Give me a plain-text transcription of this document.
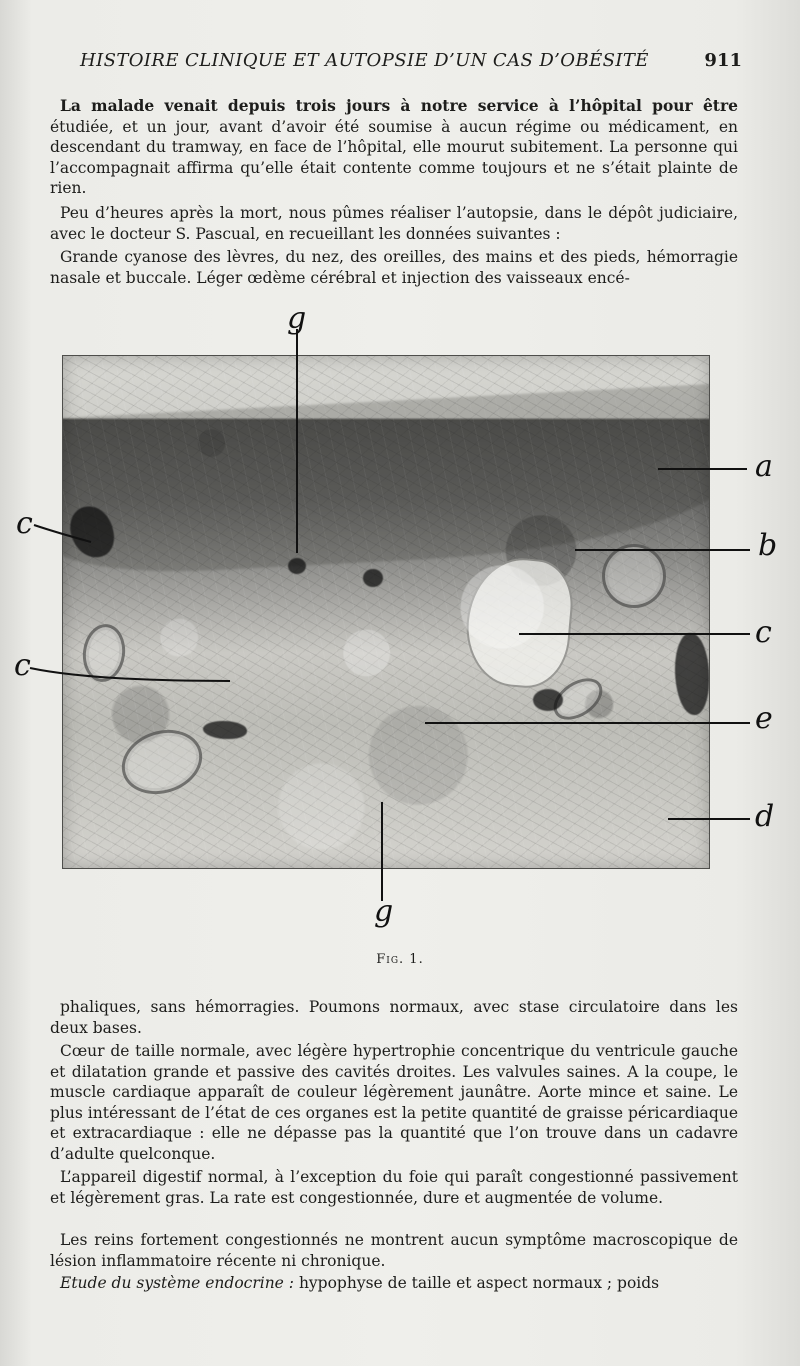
HISTOIRE CLINIQUE ET AUTOPSIE D’UN CAS D’OBÉSITÉ	911

La malade venait depuis trois jours à notre service à l’hôpital pour être étudiée, et un jour, avant d’avoir été soumise à aucun régime ou médicament, en descendant du tramway, en face de l’hôpital, elle mourut subitement. La personne qui l’accompagnait affirma qu’elle était contente comme toujours et ne s’était plainte de rien.

Peu d’heures après la mort, nous pûmes réaliser l’autopsie, dans le dépôt judiciaire, avec le docteur S. Pascual, en recueillant les données suivantes :

Grande cyanose des lèvres, du nez, des oreilles, des mains et des pieds, hémorragie nasale et buccale. Léger œdème cérébral et injection des vaisseaux encé-

g
a
b
c
c
c
e
d
g
Fig. 1.

phaliques, sans hémorragies. Poumons normaux, avec stase circulatoire dans les deux bases.

Cœur de taille normale, avec légère hypertrophie concentrique du ventricule gauche et dilatation grande et passive des cavités droites. Les valvules saines. A la coupe, le muscle cardiaque apparaît de couleur légèrement jaunâtre. Aorte mince et saine. Le plus intéressant de l’état de ces organes est la petite quantité de graisse péricardiaque et extracardiaque : elle ne dépasse pas la quantité que l’on trouve dans un cadavre d’adulte quelconque.

L’appareil digestif normal, à l’exception du foie qui paraît congestionné passivement et légèrement gras. La rate est congestionnée, dure et augmentée de volume.

Les reins fortement congestionnés ne montrent aucun symptôme macroscopique de lésion inflammatoire récente ni chronique.

Etude du système endocrine : hypophyse de taille et aspect normaux ; poids
